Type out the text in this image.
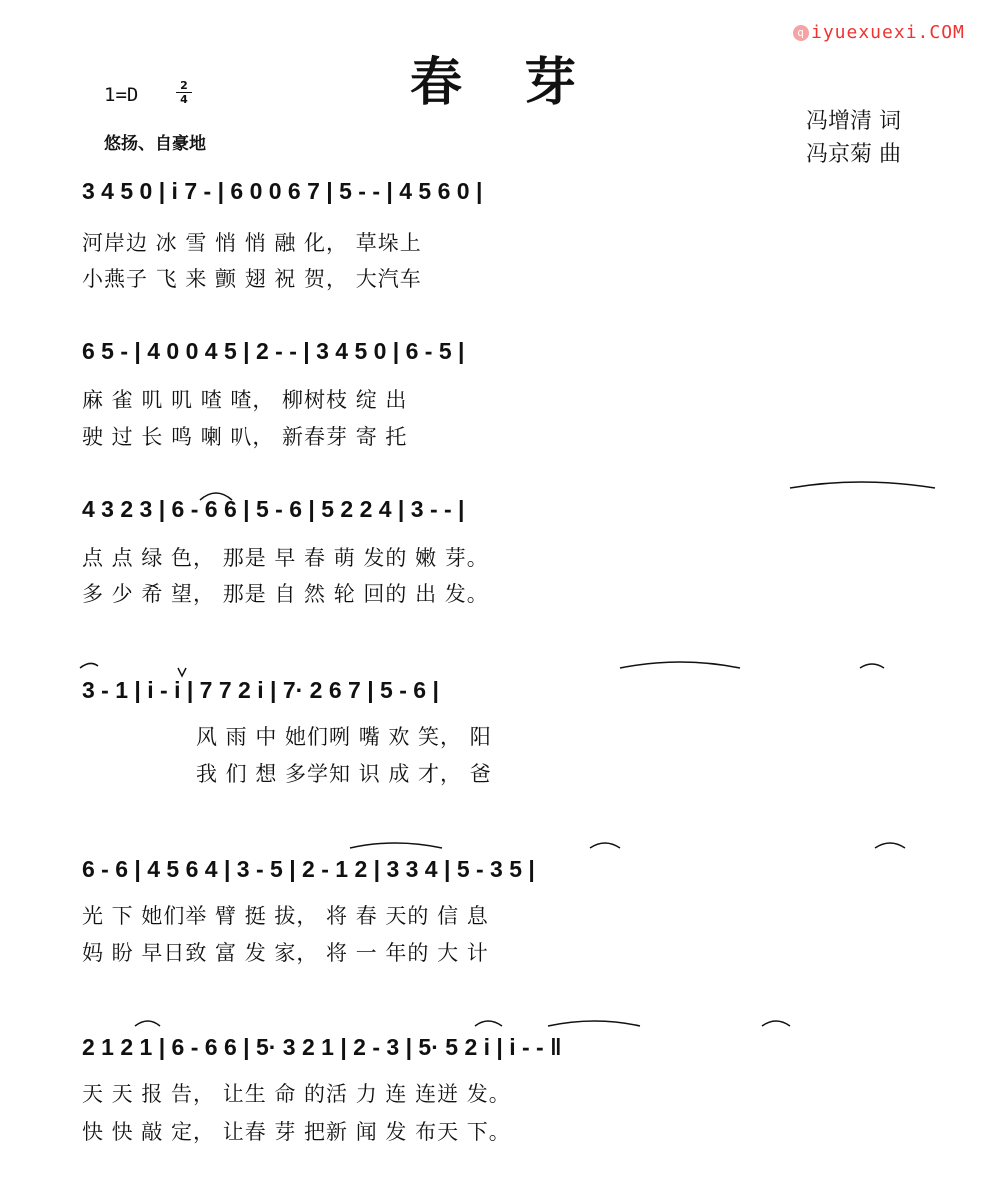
q iyuexuexi.COM
春 芽
1=D	2
4
悠扬、自豪地
冯增清 词
冯京菊 曲
3 4 5 0 | i 7 - | 6 0 0 6 7 | 5 - - | 4 5 6 0 |
河岸边 冰 雪 悄 悄 融 化， 草垛上
小燕子 飞 来 颤 翅 祝 贺， 大汽车
6 5 - | 4 0 0 4 5 | 2 - - | 3 4 5 0 | 6 - 5 |
麻 雀 叽 叽 喳 喳， 柳树枝 绽 出
驶 过 长 鸣 喇 叭， 新春芽 寄 托
4 3 2 3 | 6 - 6 6 | 5 - 6 | 5 2 2 4 | 3 - - |
点 点 绿 色， 那是 早 春 萌 发的 嫩 芽。
多 少 希 望， 那是 自 然 轮 回的 出 发。
3 - 1 | i - i | 7 7 2 i | 7· 2 6 7 | 5 - 6 |
风 雨 中 她们咧 嘴 欢 笑， 阳
我 们 想 多学知 识 成 才， 爸
6 - 6 | 4 5 6 4 | 3 - 5 | 2 - 1 2 | 3 3 4 | 5 - 3 5 |
光 下 她们举 臂 挺 拔， 将 春 天的 信 息
妈 盼 早日致 富 发 家， 将 一 年的 大 计
2 1 2 1 | 6 - 6 6 | 5· 3 2 1 | 2 - 3 | 5· 5 2 i | i - - ‖
天 天 报 告， 让生 命 的活 力 连 连迸 发。
快 快 敲 定， 让春 芽 把新 闻 发 布天 下。
